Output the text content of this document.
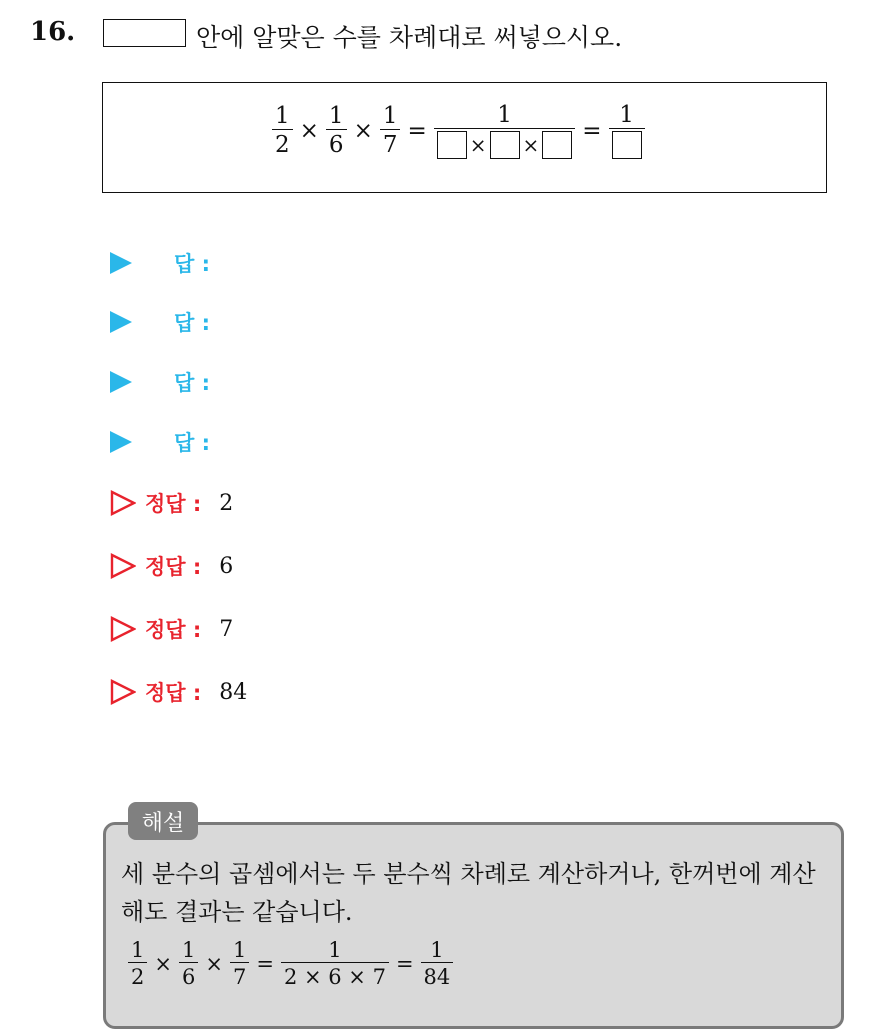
16.	안에 알맞은 수를 차례대로 써넣으시오.
$\frac{1}{2} \times \frac{1}{6} \times \frac{1}{7} = \frac{1}{\times \times}$ =
1
답 :
답 :
답 :
답 :
정답 : 2
정답 : 6
정답 : 7
정답 : 84
해설
세 분수의 곱셈에서는 두 분수씩 차례로 계산하거나, 한꺼번에 계산해도 결과는 같습니다.
$\frac{1}{2} \times \frac{1}{6} \times \frac{1}{7} = \frac{1}{2 \times 6 \times 7} = \frac{1}{84}$
